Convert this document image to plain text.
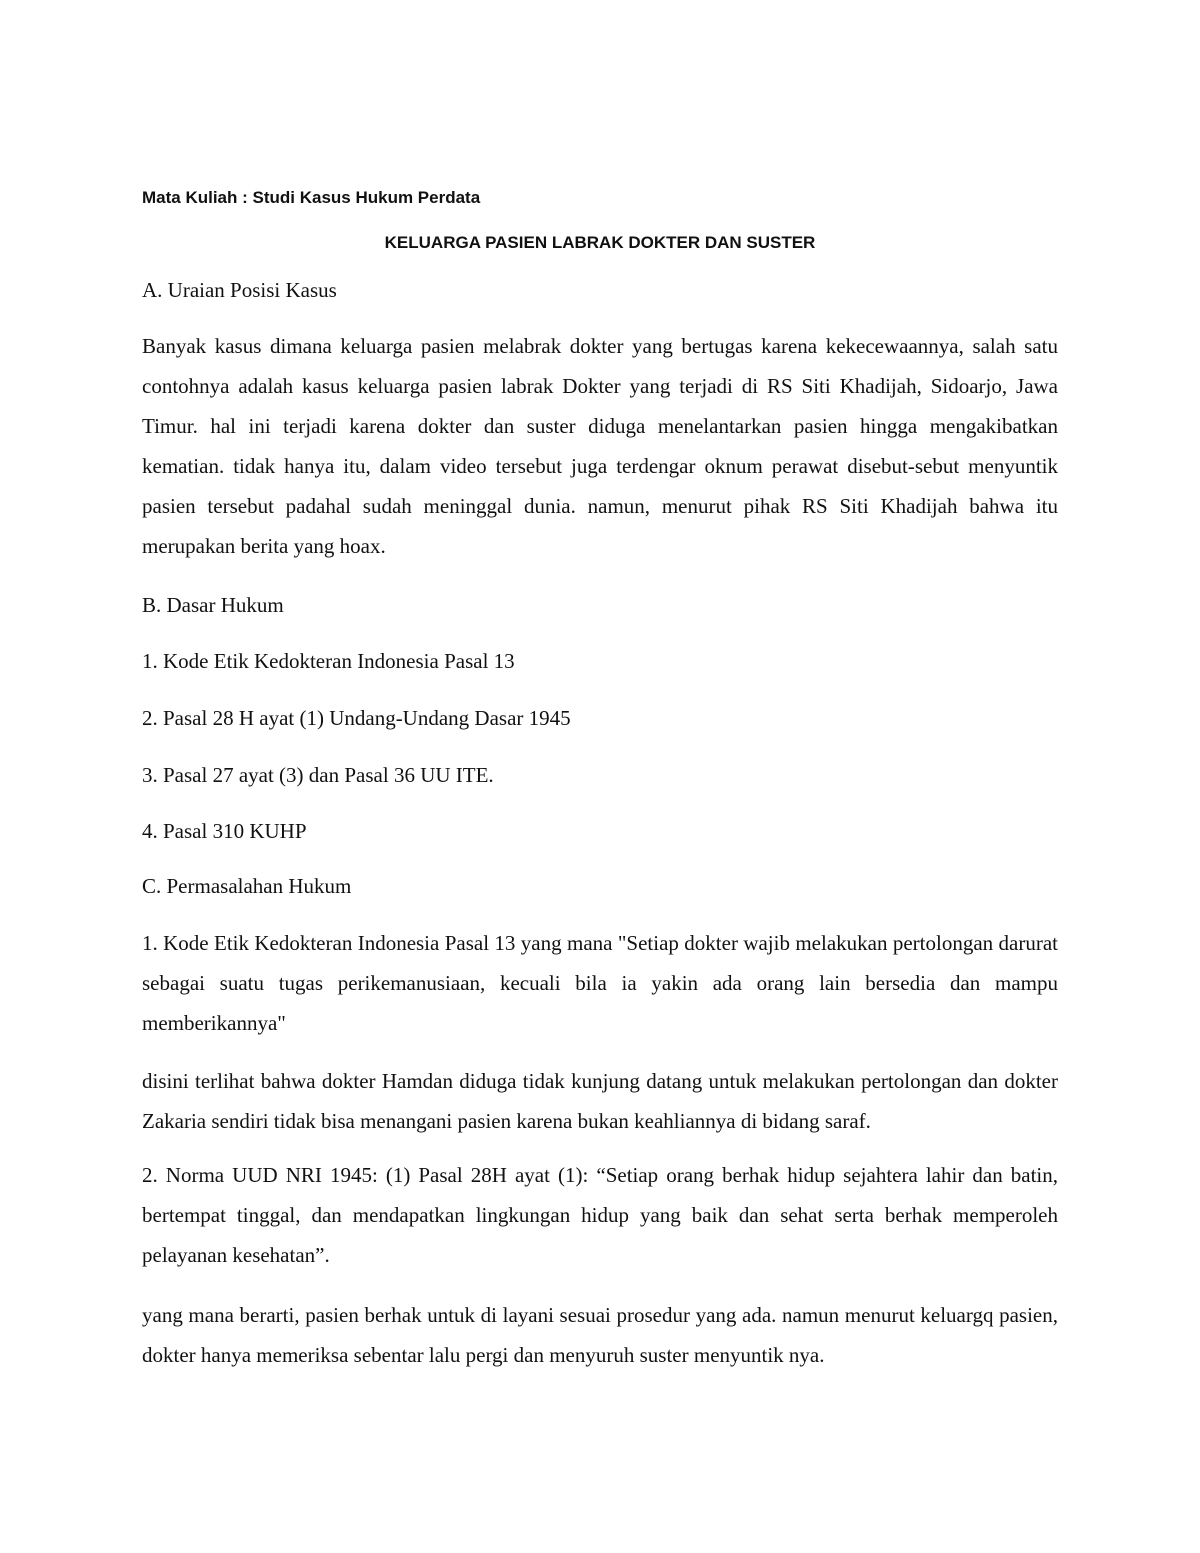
Mata Kuliah : Studi Kasus Hukum Perdata
KELUARGA PASIEN LABRAK DOKTER DAN SUSTER
A. Uraian Posisi Kasus
Banyak kasus dimana keluarga pasien melabrak dokter yang bertugas karena kekecewaannya, salah satu contohnya adalah kasus keluarga pasien labrak Dokter yang terjadi di RS Siti Khadijah, Sidoarjo, Jawa Timur. hal ini terjadi karena dokter dan suster diduga menelantarkan pasien hingga mengakibatkan kematian. tidak hanya itu, dalam video tersebut juga terdengar oknum perawat disebut-sebut menyuntik pasien tersebut padahal sudah meninggal dunia. namun, menurut pihak RS Siti Khadijah bahwa itu merupakan berita yang hoax.
B. Dasar Hukum
1. Kode Etik Kedokteran Indonesia Pasal 13
2. Pasal 28 H ayat (1) Undang-Undang Dasar 1945
3. Pasal 27 ayat (3) dan Pasal 36 UU ITE.
4. Pasal 310 KUHP
C. Permasalahan Hukum
1. Kode Etik Kedokteran Indonesia Pasal 13 yang mana "Setiap dokter wajib melakukan pertolongan darurat sebagai suatu tugas perikemanusiaan, kecuali bila ia yakin ada orang lain bersedia dan mampu memberikannya"
disini terlihat bahwa dokter Hamdan diduga tidak kunjung datang untuk melakukan pertolongan dan dokter Zakaria sendiri tidak bisa menangani pasien karena bukan keahliannya di bidang saraf.
2. Norma UUD NRI 1945: (1) Pasal 28H ayat (1): “Setiap orang berhak hidup sejahtera lahir dan batin, bertempat tinggal, dan mendapatkan lingkungan hidup yang baik dan sehat serta berhak memperoleh pelayanan kesehatan”.
yang mana berarti, pasien berhak untuk di layani sesuai prosedur yang ada. namun menurut keluargq pasien, dokter hanya memeriksa sebentar lalu pergi dan menyuruh suster menyuntik nya.
